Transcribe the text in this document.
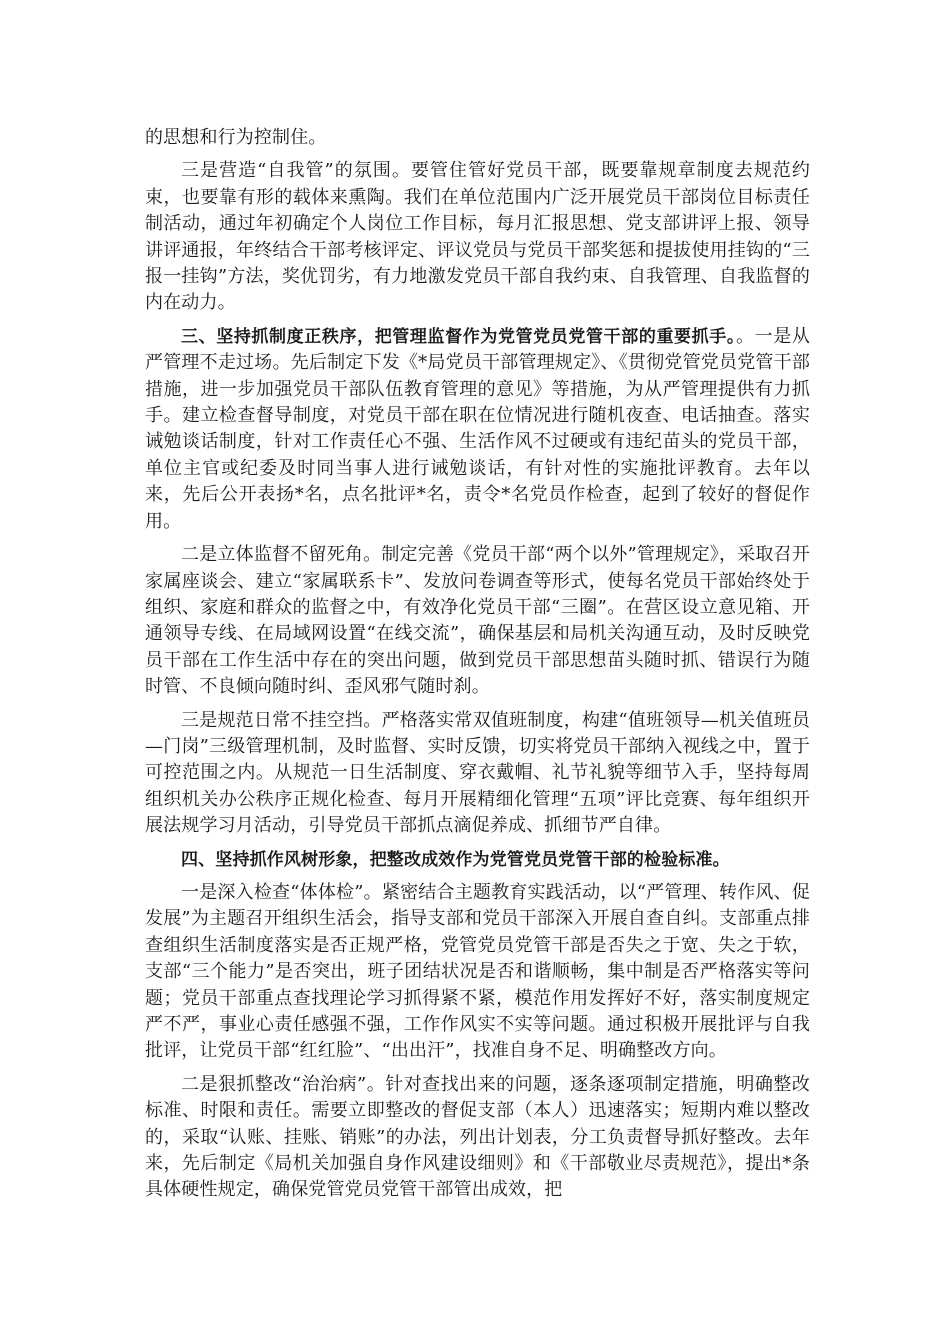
的思想和行为控制住。

三是营造“自我管”的氛围。要管住管好党员干部，既要靠规章制度去规范约束，也要靠有形的载体来熏陶。我们在单位范围内广泛开展党员干部岗位目标责任制活动，通过年初确定个人岗位工作目标，每月汇报思想、党支部讲评上报、领导讲评通报，年终结合干部考核评定、评议党员与党员干部奖惩和提拔使用挂钩的“三报一挂钩”方法，奖优罚劣，有力地激发党员干部自我约束、自我管理、自我监督的内在动力。

三、坚持抓制度正秩序，把管理监督作为党管党员党管干部的重要抓手。。一是从严管理不走过场。先后制定下发《*局党员干部管理规定》、《贯彻党管党员党管干部措施，进一步加强党员干部队伍教育管理的意见》等措施，为从严管理提供有力抓手。建立检查督导制度，对党员干部在职在位情况进行随机夜查、电话抽查。落实诫勉谈话制度，针对工作责任心不强、生活作风不过硬或有违纪苗头的党员干部，单位主官或纪委及时同当事人进行诫勉谈话，有针对性的实施批评教育。去年以来，先后公开表扬*名，点名批评*名，责令*名党员作检查，起到了较好的督促作用。

二是立体监督不留死角。制定完善《党员干部“两个以外”管理规定》，采取召开家属座谈会、建立“家属联系卡”、发放问卷调查等形式，使每名党员干部始终处于组织、家庭和群众的监督之中，有效净化党员干部“三圈”。在营区设立意见箱、开通领导专线、在局域网设置“在线交流”，确保基层和局机关沟通互动，及时反映党员干部在工作生活中存在的突出问题，做到党员干部思想苗头随时抓、错误行为随时管、不良倾向随时纠、歪风邪气随时刹。

三是规范日常不挂空挡。严格落实常双值班制度，构建“值班领导—机关值班员—门岗”三级管理机制，及时监督、实时反馈，切实将党员干部纳入视线之中，置于可控范围之内。从规范一日生活制度、穿衣戴帽、礼节礼貌等细节入手，坚持每周组织机关办公秩序正规化检查、每月开展精细化管理“五项”评比竞赛、每年组织开展法规学习月活动，引导党员干部抓点滴促养成、抓细节严自律。

四、坚持抓作风树形象，把整改成效作为党管党员党管干部的检验标准。

一是深入检查“体体检”。紧密结合主题教育实践活动，以“严管理、转作风、促发展”为主题召开组织生活会，指导支部和党员干部深入开展自查自纠。支部重点排查组织生活制度落实是否正规严格，党管党员党管干部是否失之于宽、失之于软，支部“三个能力”是否突出，班子团结状况是否和谐顺畅，集中制是否严格落实等问题；党员干部重点查找理论学习抓得紧不紧，模范作用发挥好不好，落实制度规定严不严，事业心责任感强不强，工作作风实不实等问题。通过积极开展批评与自我批评，让党员干部“红红脸”、“出出汗”，找准自身不足、明确整改方向。

二是狠抓整改“治治病”。针对查找出来的问题，逐条逐项制定措施，明确整改标准、时限和责任。需要立即整改的督促支部（本人）迅速落实；短期内难以整改的，采取“认账、挂账、销账”的办法，列出计划表，分工负责督导抓好整改。去年来，先后制定《局机关加强自身作风建设细则》和《干部敬业尽责规范》，提出*条具体硬性规定，确保党管党员党管干部管出成效，把
